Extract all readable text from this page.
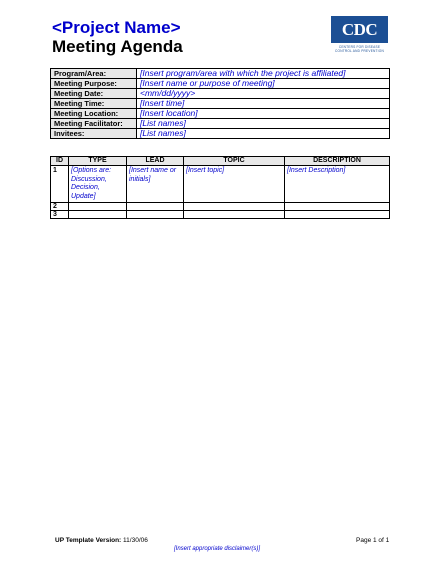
<Project Name>
Meeting Agenda
CDC
CENTERS FOR DISEASE
CONTROL AND PREVENTION
Program/Area:	[Insert program/area with which the project is affiliated]
Meeting Purpose:	[Insert name or purpose of meeting]
Meeting Date:	<mm/dd/yyyy>
Meeting Time:	[Insert time]
Meeting Location:	[Insert location]
Meeting Facilitator:	[List names]
Invitees:	[List names]
ID	TYPE	LEAD	TOPIC	DESCRIPTION
1	[Options are: Discussion, Decision, Update]	[Insert name or initials]	[Insert topic]	[Insert Description]
2				
3				
UP Template Version: 11/30/06	Page 1 of 1
[Insert appropriate disclaimer(s)]
